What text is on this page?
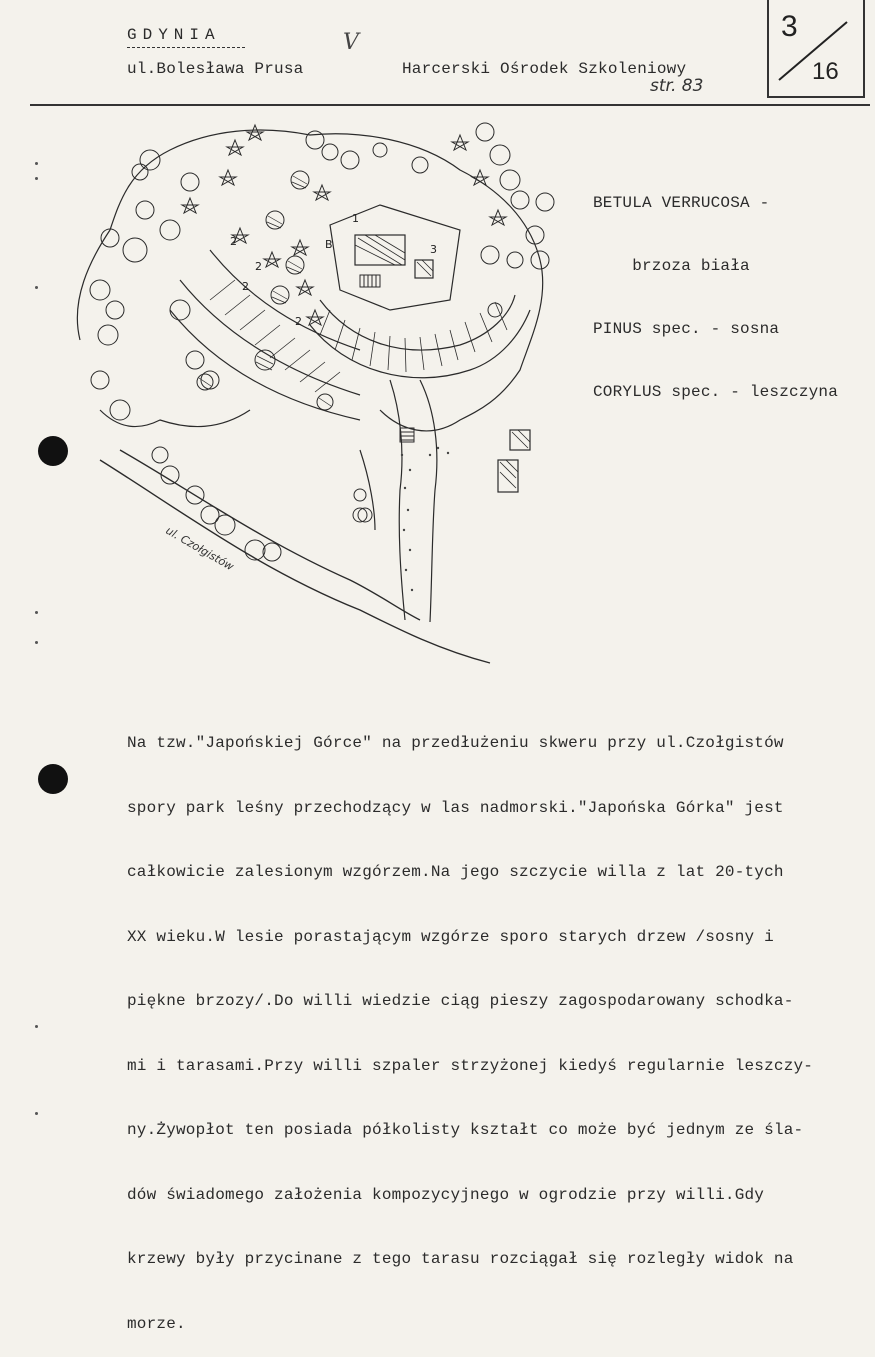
GDYNIA	V
ul.Bolesława Prusa	Harcerski Ośrodek Szkoleniowy
str. 83
3
16
1
2
3
B
2
2
2
ul. Czołgistów

BETULA VERRUCOSA -

brzoza biała

PINUS spec. - sosna

CORYLUS spec. - leszczyna

Na tzw."Japońskiej Górce" na przedłużeniu skweru przy ul.Czołgistów

spory park leśny przechodzący w las nadmorski."Japońska Górka" jest

całkowicie zalesionym wzgórzem.Na jego szczycie willa z lat 20-tych

XX wieku.W lesie porastającym wzgórze sporo starych drzew /sosny i

piękne brzozy/.Do willi wiedzie ciąg pieszy zagospodarowany schodka-

mi i tarasami.Przy willi szpaler strzyżonej kiedyś regularnie leszczy-

ny.Żywopłot ten posiada półkolisty kształt co może być jednym ze śla-

dów świadomego założenia kompozycyjnego w ogrodzie przy willi.Gdy

krzewy były przycinane z tego tarasu rozciągał się rozległy widok na

morze.
